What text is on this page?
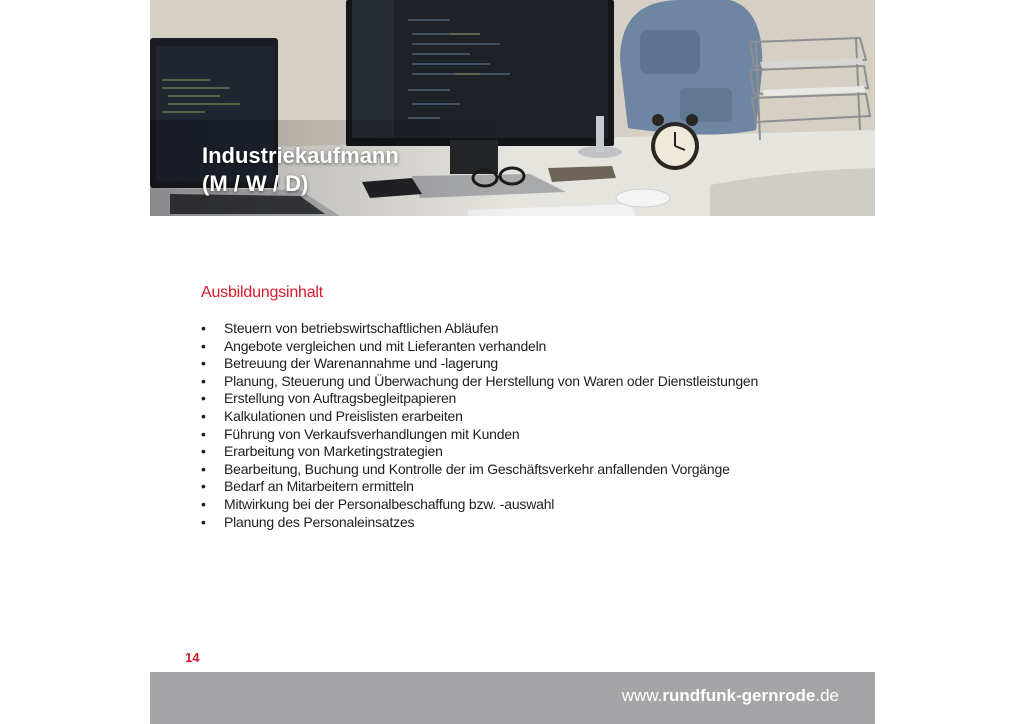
Industriekaufmann
(M / W / D)
Ausbildungsinhalt
• Steuern von betriebswirtschaftlichen Abläufen
• Angebote vergleichen und mit Lieferanten verhandeln
• Betreuung der Warenannahme und -lagerung
• Planung, Steuerung und Überwachung der Herstellung von Waren oder Dienstleistungen
• Erstellung von Auftragsbegleitpapieren
• Kalkulationen und Preislisten erarbeiten
• Führung von Verkaufsverhandlungen mit Kunden
• Erarbeitung von Marketingstrategien
• Bearbeitung, Buchung und Kontrolle der im Geschäftsverkehr anfallenden Vorgänge
• Bedarf an Mitarbeitern ermitteln
• Mitwirkung bei der Personalbeschaffung bzw. -auswahl
• Planung des Personaleinsatzes
14
www.rundfunk-gernrode.de
